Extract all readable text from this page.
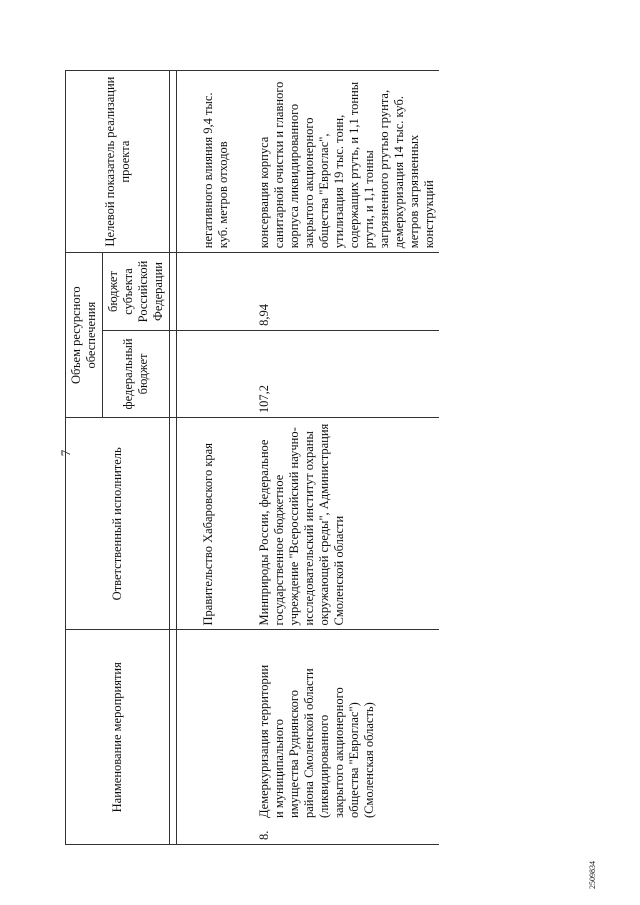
7
Наименование мероприятия	Ответственный исполнитель	Объем ресурсного обеспечения		Целевой показатель реализации проекта
		федеральный бюджет	бюджет субъекта Российской Федерации	

	Правительство Хабаровского края			негативного влияния 9,4 тыс. куб. метров отходов

8.Демеркуризация территории и муниципального имущества Руднянского района Смоленской области (ликвидированного закрытого акционерного общества "Евроглас") (Смоленская область)	Минприроды России, федеральное государственное бюджетное учреждение "Всероссийский научно-исследовательский институт охраны окружающей среды", Администрация Смоленской области	107,2	8,94	консервация корпуса санитарной очистки и главного корпуса ликвидированного закрытого акционерного общества "Евроглас", утилизация 19 тыс. тонн, содержащих ртуть, и 1,1 тонны ртути, и 1,1 тонны загрязненного ртутью грунта, демеркуризация 14 тыс. куб. метров загрязненных конструкций
2509834
